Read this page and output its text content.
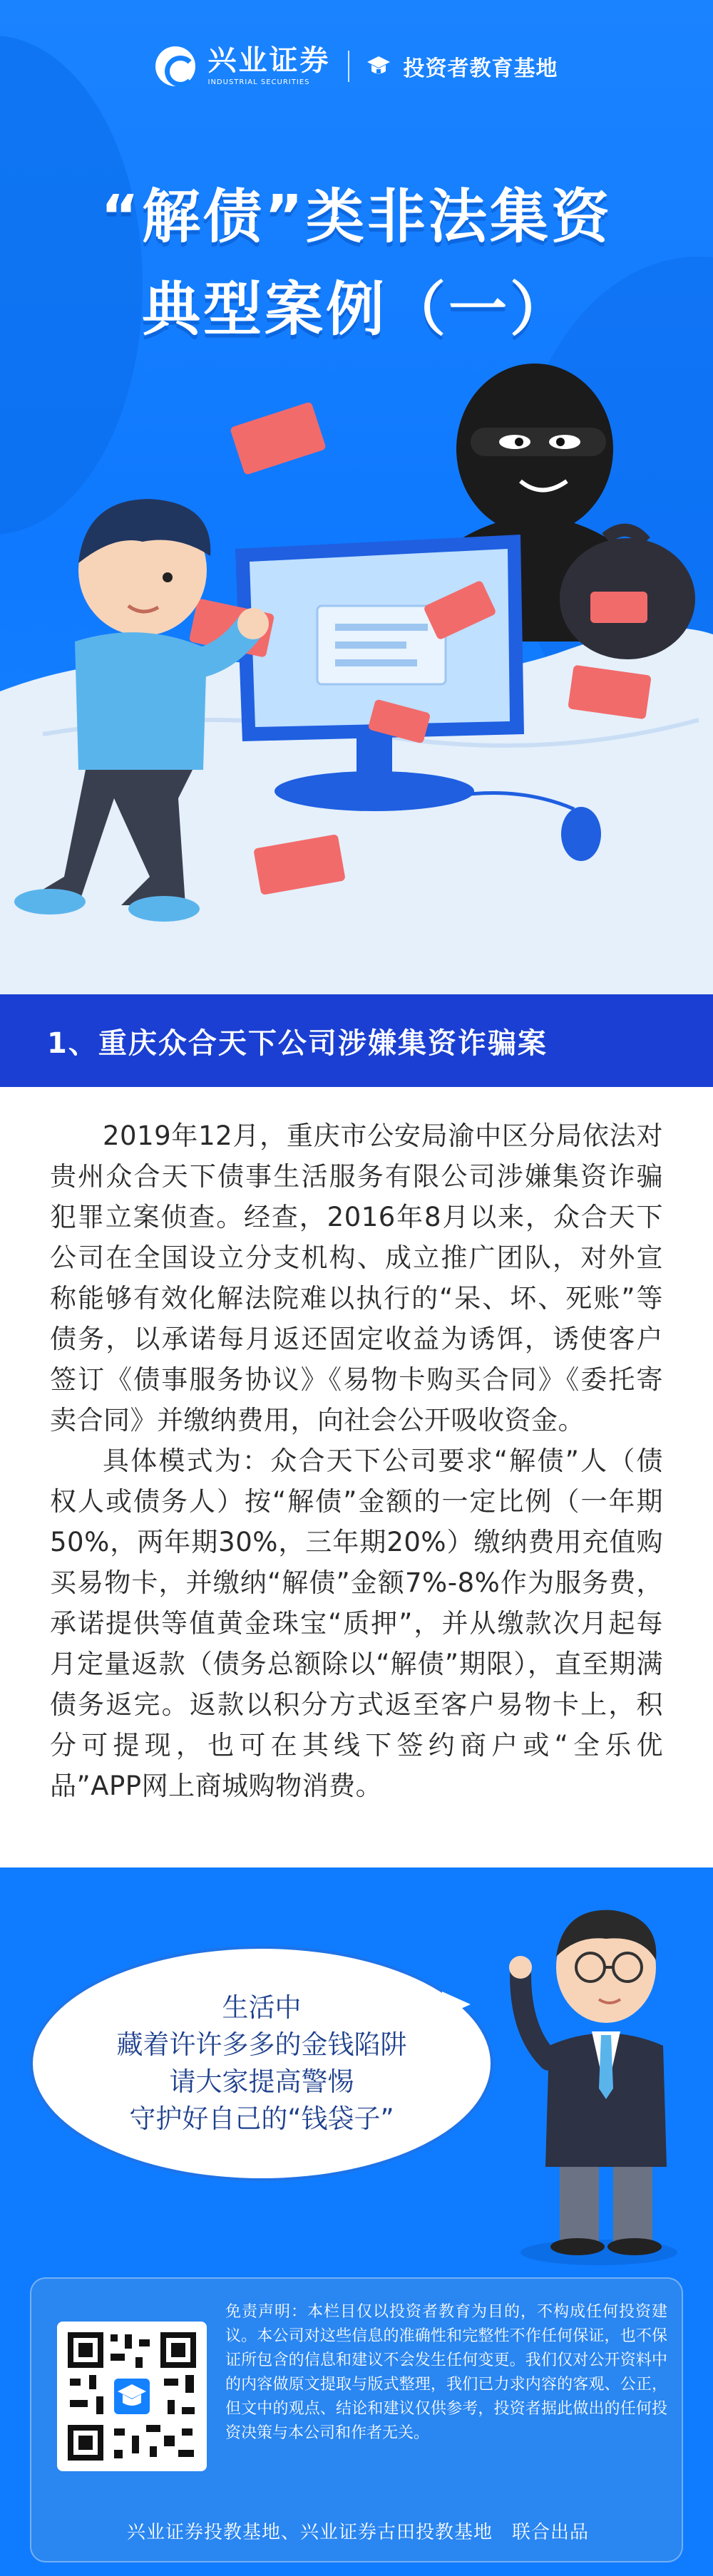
兴业证券
INDUSTRIAL SECURITIES
投资者教育基地
“解债”类非法集资
典型案例（一）
1、重庆众合天下公司涉嫌集资诈骗案

2019年12月，重庆市公安局渝中区分局依法对贵州众合天下债事生活服务有限公司涉嫌集资诈骗犯罪立案侦查。经查，2016年8月以来，众合天下公司在全国设立分支机构、成立推广团队，对外宣称能够有效化解法院难以执行的“呆、坏、死账”等债务，以承诺每月返还固定收益为诱饵，诱使客户签订《债事服务协议》《易物卡购买合同》《委托寄卖合同》并缴纳费用，向社会公开吸收资金。

具体模式为：众合天下公司要求“解债”人（债权人或债务人）按“解债”金额的一定比例（一年期50%，两年期30%，三年期20%）缴纳费用充值购买易物卡，并缴纳“解债”金额7%-8%作为服务费，承诺提供等值黄金珠宝“质押”，并从缴款次月起每月定量返款（债务总额除以“解债”期限），直至期满债务返完。返款以积分方式返至客户易物卡上，积分可提现，也可在其线下签约商户或“全乐优品”APP网上商城购物消费。

生活中
藏着许许多多的金钱陷阱
请大家提高警惕
守护好自己的“钱袋子”
免责声明：本栏目仅以投资者教育为目的，不构成任何投资建议。本公司对这些信息的准确性和完整性不作任何保证，也不保证所包含的信息和建议不会发生任何变更。我们仅对公开资料中的内容做原文提取与版式整理，我们已力求内容的客观、公正，但文中的观点、结论和建议仅供参考，投资者据此做出的任何投资决策与本公司和作者无关。
兴业证券投教基地、兴业证券古田投教基地　联合出品
